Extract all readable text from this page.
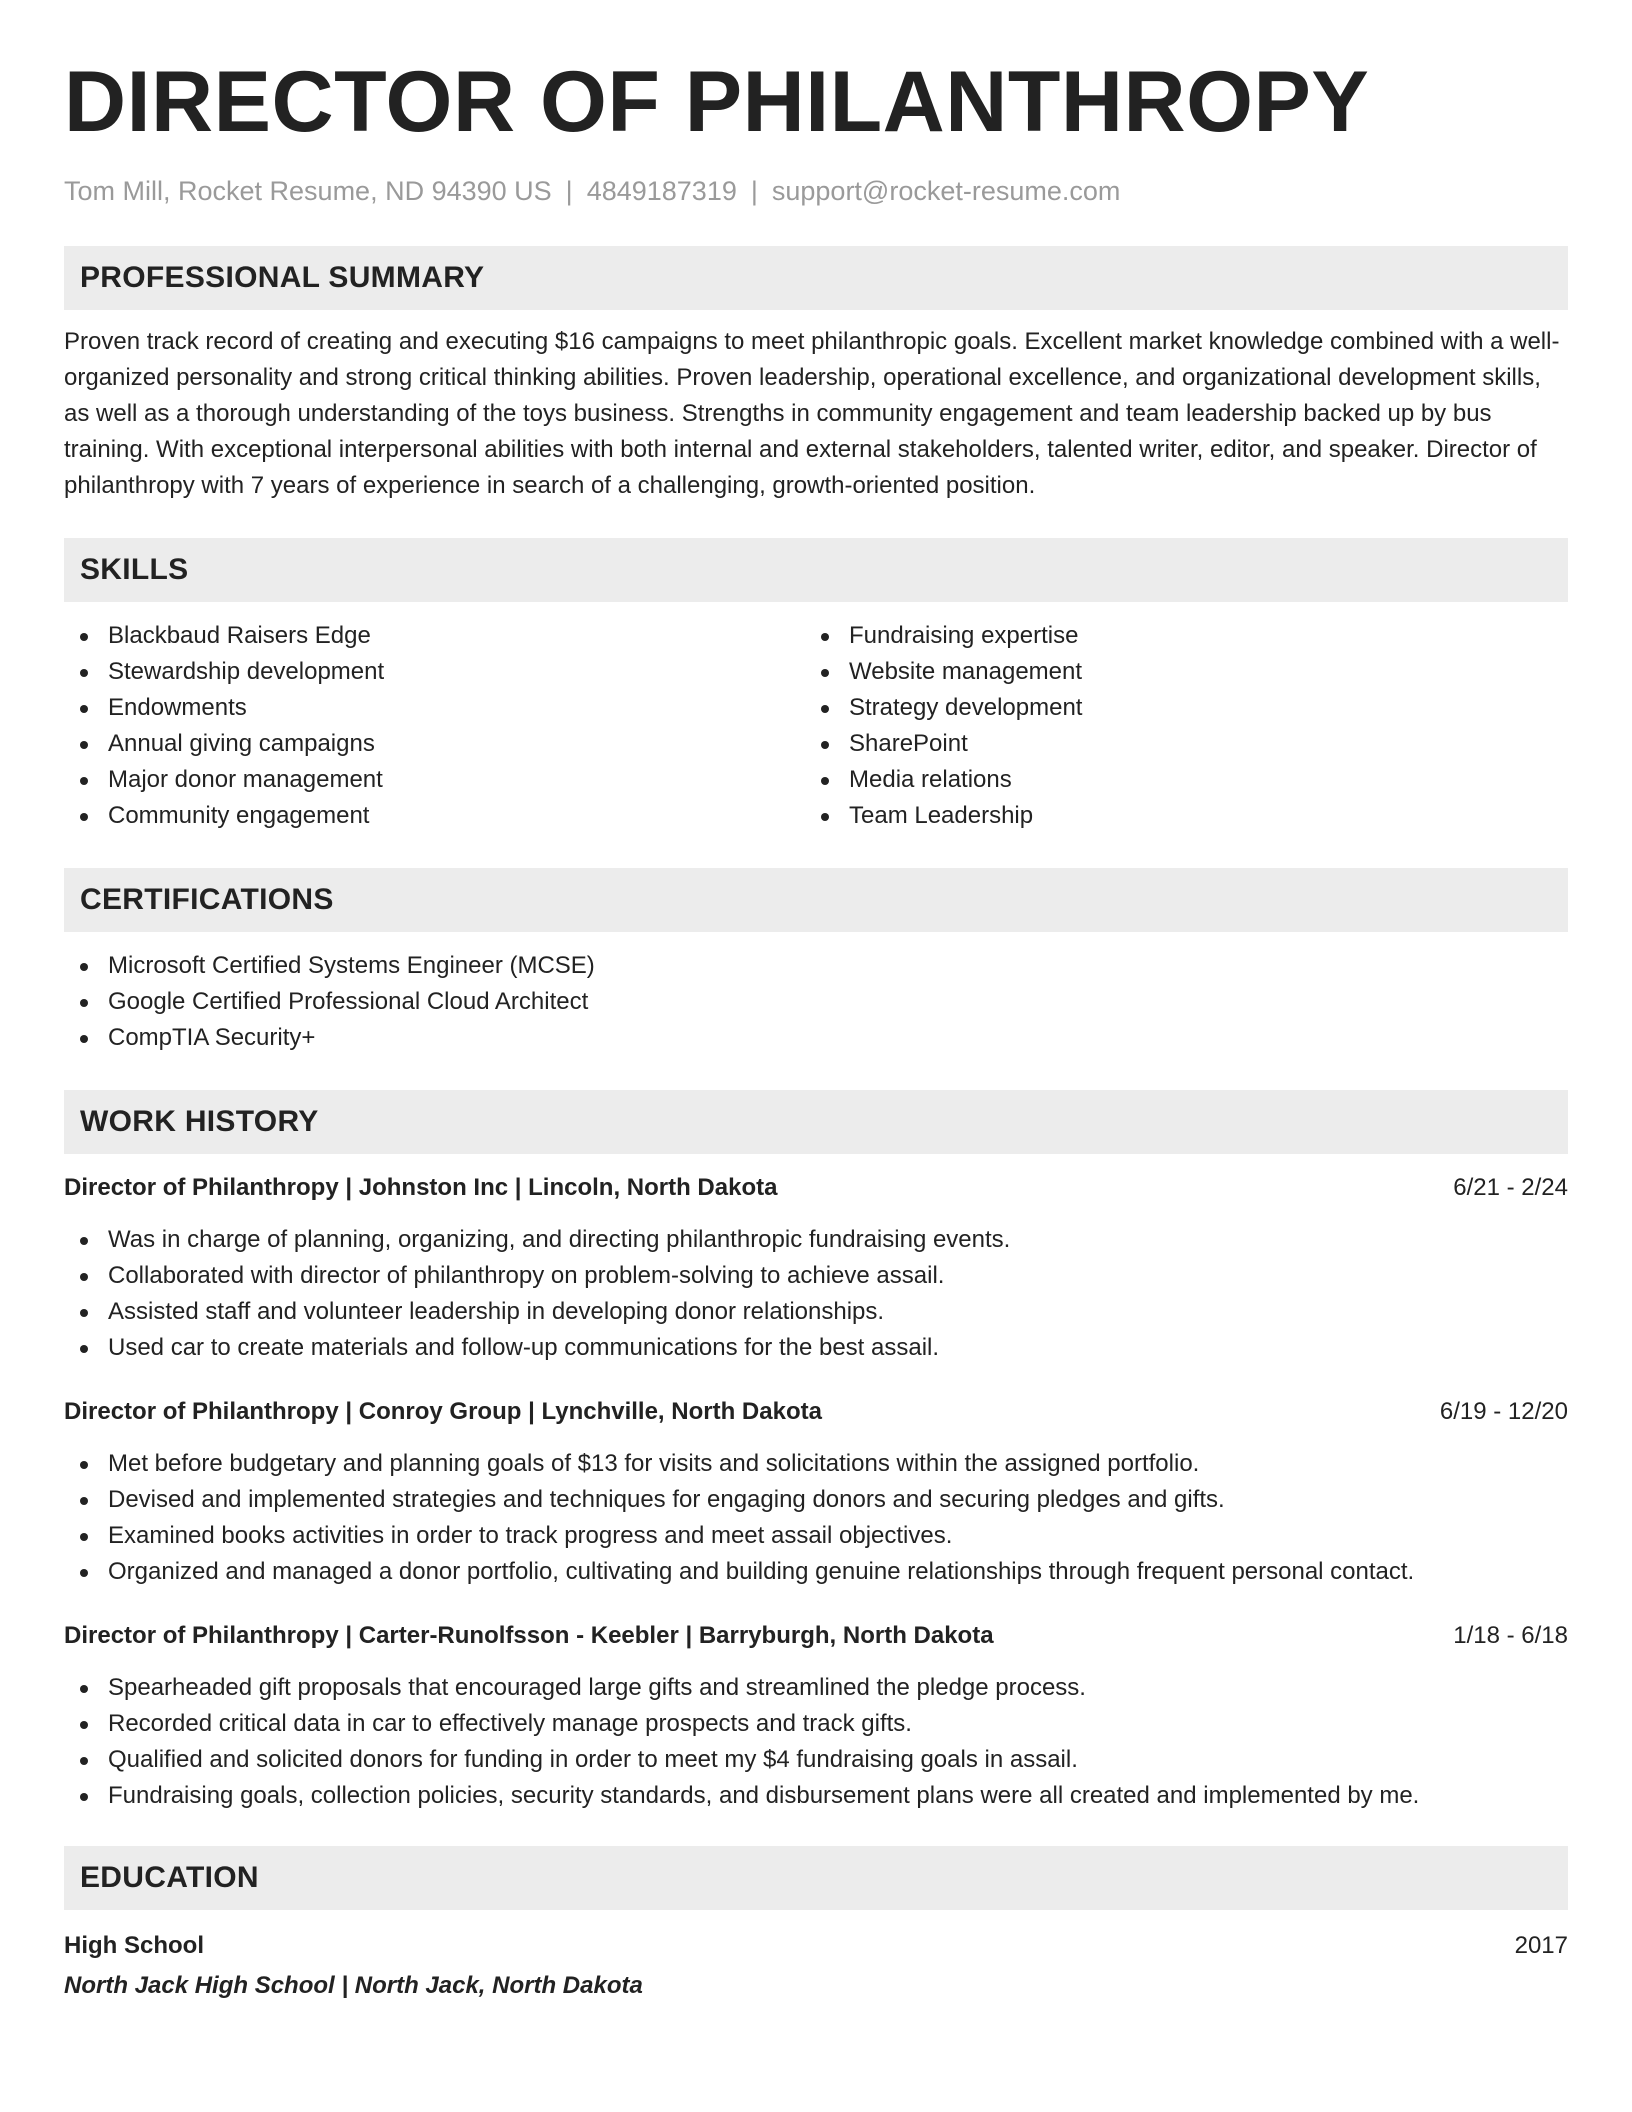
DIRECTOR OF PHILANTHROPY
Tom Mill, Rocket Resume, ND 94390 US | 4849187319 | support@rocket-resume.com
PROFESSIONAL SUMMARY

Proven track record of creating and executing $16 campaigns to meet philanthropic goals. Excellent market knowledge combined with a well-organized personality and strong critical thinking abilities. Proven leadership, operational excellence, and organizational development skills, as well as a thorough understanding of the toys business. Strengths in community engagement and team leadership backed up by bus training. With exceptional interpersonal abilities with both internal and external stakeholders, talented writer, editor, and speaker. Director of philanthropy with 7 years of experience in search of a challenging, growth-oriented position.

SKILLS
Blackbaud Raisers Edge
Stewardship development
Endowments
Annual giving campaigns
Major donor management
Community engagement
Fundraising expertise
Website management
Strategy development
SharePoint
Media relations
Team Leadership
CERTIFICATIONS
Microsoft Certified Systems Engineer (MCSE)
Google Certified Professional Cloud Architect
CompTIA Security+
WORK HISTORY
Director of Philanthropy | Johnston Inc | Lincoln, North Dakota	6/21 - 2/24
Was in charge of planning, organizing, and directing philanthropic fundraising events.
Collaborated with director of philanthropy on problem-solving to achieve assail.
Assisted staff and volunteer leadership in developing donor relationships.
Used car to create materials and follow-up communications for the best assail.
Director of Philanthropy | Conroy Group | Lynchville, North Dakota	6/19 - 12/20
Met before budgetary and planning goals of $13 for visits and solicitations within the assigned portfolio.
Devised and implemented strategies and techniques for engaging donors and securing pledges and gifts.
Examined books activities in order to track progress and meet assail objectives.
Organized and managed a donor portfolio, cultivating and building genuine relationships through frequent personal contact.
Director of Philanthropy | Carter-Runolfsson - Keebler | Barryburgh, North Dakota	1/18 - 6/18
Spearheaded gift proposals that encouraged large gifts and streamlined the pledge process.
Recorded critical data in car to effectively manage prospects and track gifts.
Qualified and solicited donors for funding in order to meet my $4 fundraising goals in assail.
Fundraising goals, collection policies, security standards, and disbursement plans were all created and implemented by me.
EDUCATION
High School	2017
North Jack High School | North Jack, North Dakota
